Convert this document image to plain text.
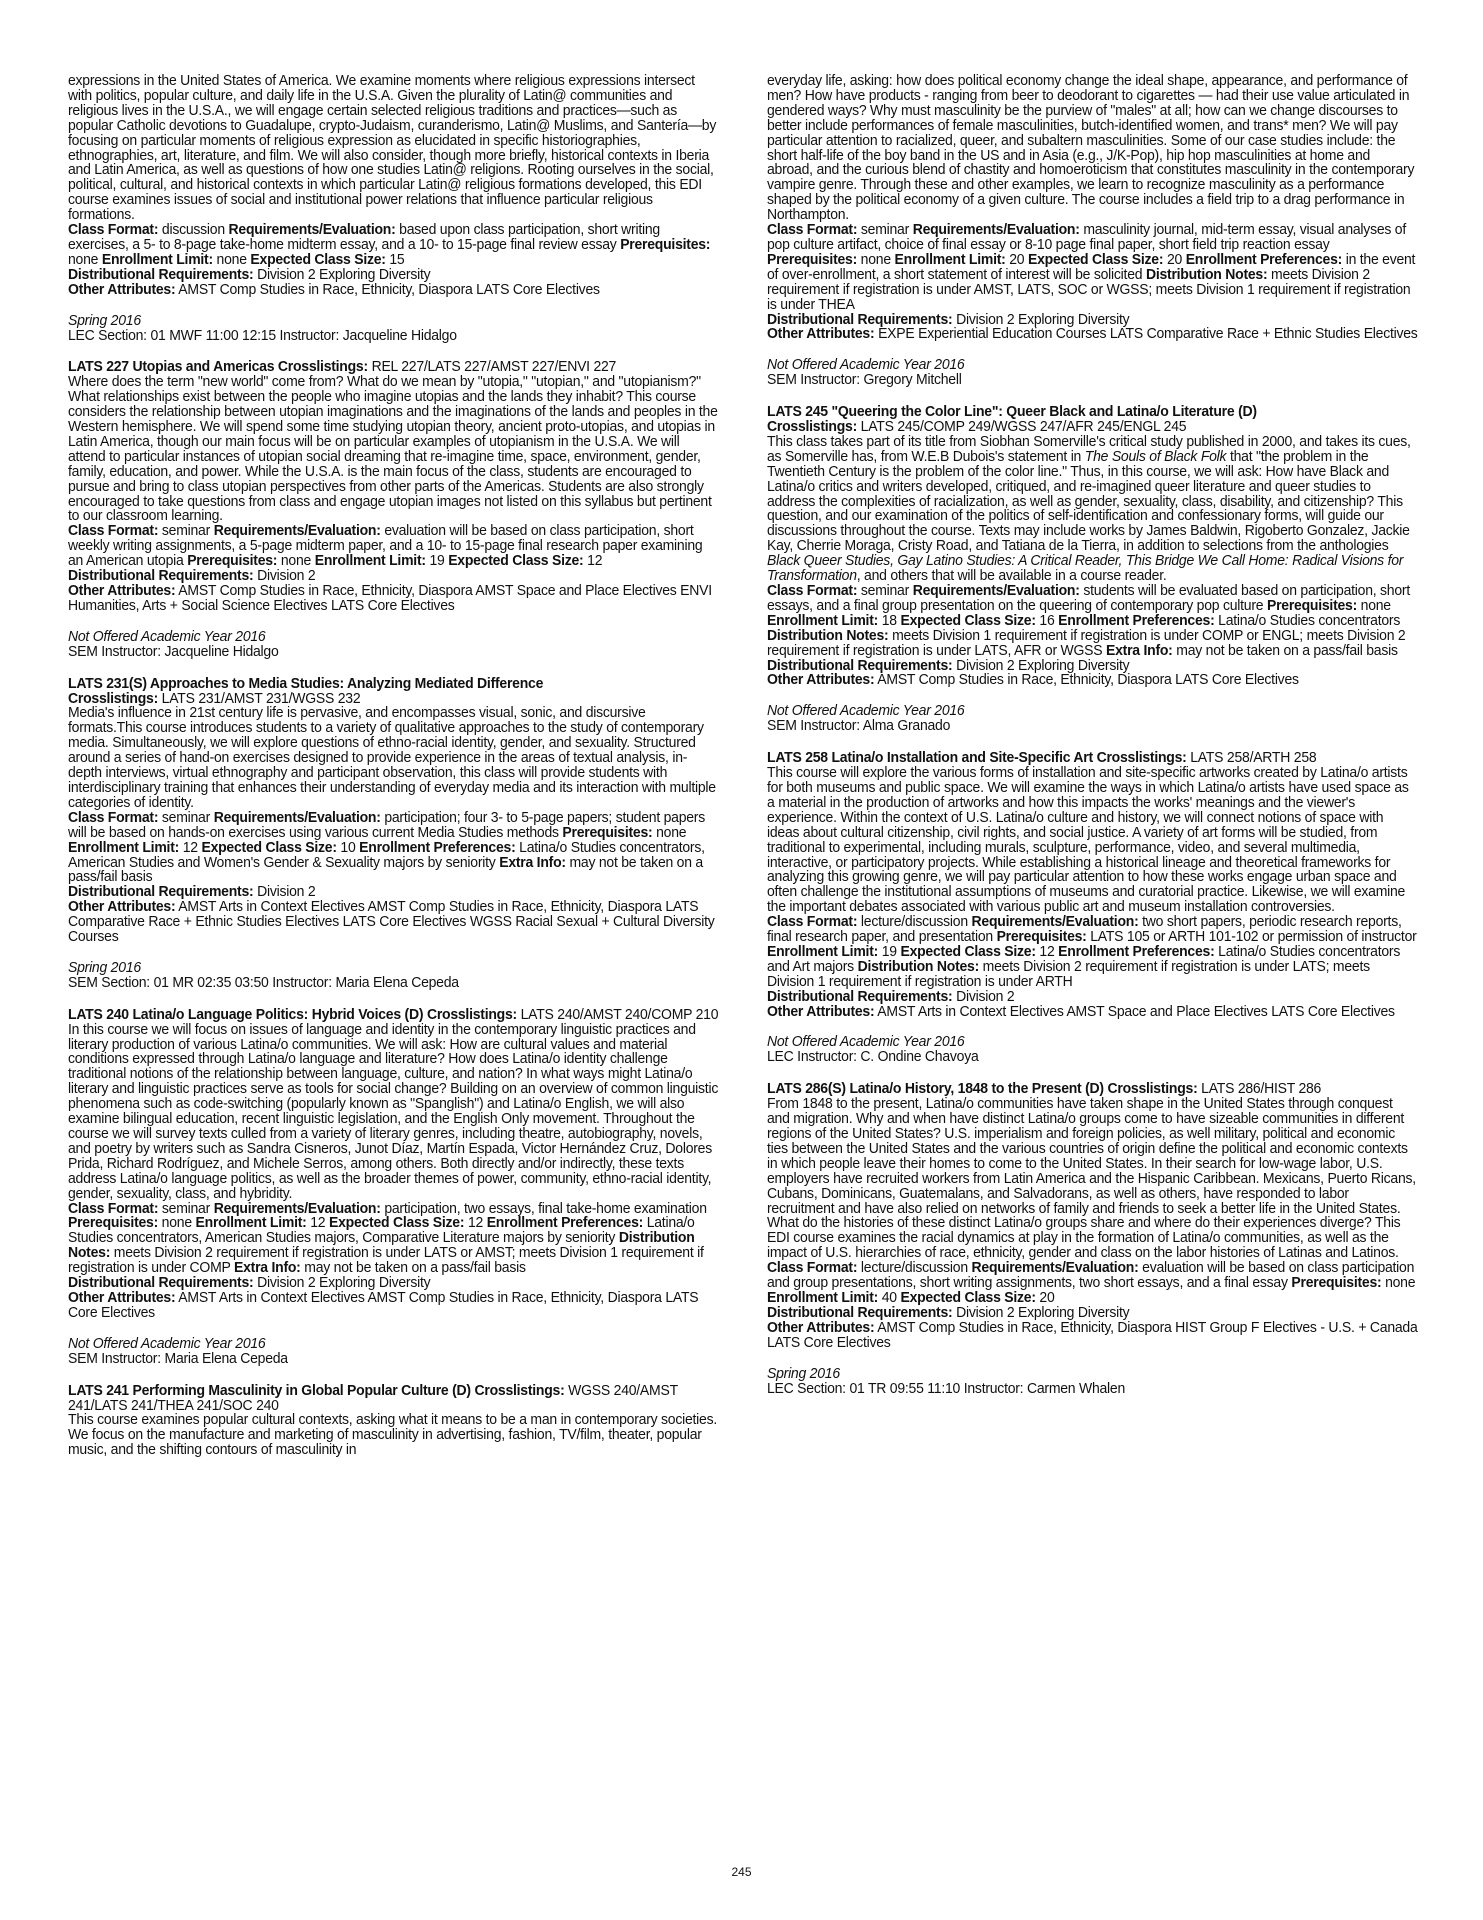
expressions in the United States of America. We examine moments where religious expressions intersect with politics, popular culture, and daily life in the U.S.A. Given the plurality of Latin@ communities and religious lives in the U.S.A., we will engage certain selected religious traditions and practices—such as popular Catholic devotions to Guadalupe, crypto-Judaism, curanderismo, Latin@ Muslims, and Santería—by focusing on particular moments of religious expression as elucidated in specific historiographies, ethnographies, art, literature, and film. We will also consider, though more briefly, historical contexts in Iberia and Latin America, as well as questions of how one studies Latin@ religions. Rooting ourselves in the social, political, cultural, and historical contexts in which particular Latin@ religious formations developed, this EDI course examines issues of social and institutional power relations that influence particular religious formations.

Class Format: discussion Requirements/Evaluation: based upon class participation, short writing exercises, a 5- to 8-page take-home midterm essay, and a 10- to 15-page final review essay Prerequisites: none Enrollment Limit: none Expected Class Size: 15

Distributional Requirements: Division 2 Exploring Diversity

Other Attributes: AMST Comp Studies in Race, Ethnicity, Diaspora LATS Core Electives

Spring 2016

LEC Section: 01 MWF 11:00 12:15 Instructor: Jacqueline Hidalgo

LATS 227 Utopias and Americas Crosslistings: REL 227/LATS 227/AMST 227/ENVI 227

Where does the term "new world" come from? What do we mean by "utopia," "utopian," and "utopianism?" What relationships exist between the people who imagine utopias and the lands they inhabit? This course considers the relationship between utopian imaginations and the imaginations of the lands and peoples in the Western hemisphere. We will spend some time studying utopian theory, ancient proto-utopias, and utopias in Latin America, though our main focus will be on particular examples of utopianism in the U.S.A. We will attend to particular instances of utopian social dreaming that re-imagine time, space, environment, gender, family, education, and power. While the U.S.A. is the main focus of the class, students are encouraged to pursue and bring to class utopian perspectives from other parts of the Americas. Students are also strongly encouraged to take questions from class and engage utopian images not listed on this syllabus but pertinent to our classroom learning.

Class Format: seminar Requirements/Evaluation: evaluation will be based on class participation, short weekly writing assignments, a 5-page midterm paper, and a 10- to 15-page final research paper examining an American utopia Prerequisites: none Enrollment Limit: 19 Expected Class Size: 12

Distributional Requirements: Division 2

Other Attributes: AMST Comp Studies in Race, Ethnicity, Diaspora AMST Space and Place Electives ENVI Humanities, Arts + Social Science Electives LATS Core Electives

Not Offered Academic Year 2016

SEM Instructor: Jacqueline Hidalgo

LATS 231(S) Approaches to Media Studies: Analyzing Mediated Difference

Crosslistings: LATS 231/AMST 231/WGSS 232

Media's influence in 21st century life is pervasive, and encompasses visual, sonic, and discursive formats.This course introduces students to a variety of qualitative approaches to the study of contemporary media. Simultaneously, we will explore questions of ethno-racial identity, gender, and sexuality. Structured around a series of hand-on exercises designed to provide experience in the areas of textual analysis, in-depth interviews, virtual ethnography and participant observation, this class will provide students with interdisciplinary training that enhances their understanding of everyday media and its interaction with multiple categories of identity.

Class Format: seminar Requirements/Evaluation: participation; four 3- to 5-page papers; student papers will be based on hands-on exercises using various current Media Studies methods Prerequisites: none Enrollment Limit: 12 Expected Class Size: 10 Enrollment Preferences: Latina/o Studies concentrators, American Studies and Women's Gender & Sexuality majors by seniority Extra Info: may not be taken on a pass/fail basis

Distributional Requirements: Division 2

Other Attributes: AMST Arts in Context Electives AMST Comp Studies in Race, Ethnicity, Diaspora LATS Comparative Race + Ethnic Studies Electives LATS Core Electives WGSS Racial Sexual + Cultural Diversity Courses

Spring 2016

SEM Section: 01 MR 02:35 03:50 Instructor: Maria Elena Cepeda

LATS 240 Latina/o Language Politics: Hybrid Voices (D) Crosslistings: LATS 240/AMST 240/COMP 210

In this course we will focus on issues of language and identity in the contemporary linguistic practices and literary production of various Latina/o communities. We will ask: How are cultural values and material conditions expressed through Latina/o language and literature? How does Latina/o identity challenge traditional notions of the relationship between language, culture, and nation? In what ways might Latina/o literary and linguistic practices serve as tools for social change? Building on an overview of common linguistic phenomena such as code-switching (popularly known as "Spanglish") and Latina/o English, we will also examine bilingual education, recent linguistic legislation, and the English Only movement. Throughout the course we will survey texts culled from a variety of literary genres, including theatre, autobiography, novels, and poetry by writers such as Sandra Cisneros, Junot Díaz, Martín Espada, Victor Hernández Cruz, Dolores Prida, Richard Rodríguez, and Michele Serros, among others. Both directly and/or indirectly, these texts address Latina/o language politics, as well as the broader themes of power, community, ethno-racial identity, gender, sexuality, class, and hybridity.

Class Format: seminar Requirements/Evaluation: participation, two essays, final take-home examination Prerequisites: none Enrollment Limit: 12 Expected Class Size: 12 Enrollment Preferences: Latina/o Studies concentrators, American Studies majors, Comparative Literature majors by seniority Distribution Notes: meets Division 2 requirement if registration is under LATS or AMST; meets Division 1 requirement if registration is under COMP Extra Info: may not be taken on a pass/fail basis

Distributional Requirements: Division 2 Exploring Diversity

Other Attributes: AMST Arts in Context Electives AMST Comp Studies in Race, Ethnicity, Diaspora LATS Core Electives

Not Offered Academic Year 2016

SEM Instructor: Maria Elena Cepeda

LATS 241 Performing Masculinity in Global Popular Culture (D) Crosslistings: WGSS 240/AMST 241/LATS 241/THEA 241/SOC 240

This course examines popular cultural contexts, asking what it means to be a man in contemporary societies. We focus on the manufacture and marketing of masculinity in advertising, fashion, TV/film, theater, popular music, and the shifting contours of masculinity in

everyday life, asking: how does political economy change the ideal shape, appearance, and performance of men? How have products - ranging from beer to deodorant to cigarettes — had their use value articulated in gendered ways? Why must masculinity be the purview of "males" at all; how can we change discourses to better include performances of female masculinities, butch-identified women, and trans* men? We will pay particular attention to racialized, queer, and subaltern masculinities. Some of our case studies include: the short half-life of the boy band in the US and in Asia (e.g., J/K-Pop), hip hop masculinities at home and abroad, and the curious blend of chastity and homoeroticism that constitutes masculinity in the contemporary vampire genre. Through these and other examples, we learn to recognize masculinity as a performance shaped by the political economy of a given culture. The course includes a field trip to a drag performance in Northampton.

Class Format: seminar Requirements/Evaluation: masculinity journal, mid-term essay, visual analyses of pop culture artifact, choice of final essay or 8-10 page final paper, short field trip reaction essay Prerequisites: none Enrollment Limit: 20 Expected Class Size: 20 Enrollment Preferences: in the event of over-enrollment, a short statement of interest will be solicited Distribution Notes: meets Division 2 requirement if registration is under AMST, LATS, SOC or WGSS; meets Division 1 requirement if registration is under THEA

Distributional Requirements: Division 2 Exploring Diversity

Other Attributes: EXPE Experiential Education Courses LATS Comparative Race + Ethnic Studies Electives

Not Offered Academic Year 2016

SEM Instructor: Gregory Mitchell

LATS 245 "Queering the Color Line": Queer Black and Latina/o Literature (D)

Crosslistings: LATS 245/COMP 249/WGSS 247/AFR 245/ENGL 245

This class takes part of its title from Siobhan Somerville's critical study published in 2000, and takes its cues, as Somerville has, from W.E.B Dubois's statement in The Souls of Black Folk that "the problem in the Twentieth Century is the problem of the color line." Thus, in this course, we will ask: How have Black and Latina/o critics and writers developed, critiqued, and re-imagined queer literature and queer studies to address the complexities of racialization, as well as gender, sexuality, class, disability, and citizenship? This question, and our examination of the politics of self-identification and confessionary forms, will guide our discussions throughout the course. Texts may include works by James Baldwin, Rigoberto Gonzalez, Jackie Kay, Cherrie Moraga, Cristy Road, and Tatiana de la Tierra, in addition to selections from the anthologies Black Queer Studies, Gay Latino Studies: A Critical Reader, This Bridge We Call Home: Radical Visions for Transformation, and others that will be available in a course reader.

Class Format: seminar Requirements/Evaluation: students will be evaluated based on participation, short essays, and a final group presentation on the queering of contemporary pop culture Prerequisites: none Enrollment Limit: 18 Expected Class Size: 16 Enrollment Preferences: Latina/o Studies concentrators Distribution Notes: meets Division 1 requirement if registration is under COMP or ENGL; meets Division 2 requirement if registration is under LATS, AFR or WGSS Extra Info: may not be taken on a pass/fail basis

Distributional Requirements: Division 2 Exploring Diversity

Other Attributes: AMST Comp Studies in Race, Ethnicity, Diaspora LATS Core Electives

Not Offered Academic Year 2016

SEM Instructor: Alma Granado

LATS 258 Latina/o Installation and Site-Specific Art Crosslistings: LATS 258/ARTH 258

This course will explore the various forms of installation and site-specific artworks created by Latina/o artists for both museums and public space. We will examine the ways in which Latina/o artists have used space as a material in the production of artworks and how this impacts the works' meanings and the viewer's experience. Within the context of U.S. Latina/o culture and history, we will connect notions of space with ideas about cultural citizenship, civil rights, and social justice. A variety of art forms will be studied, from traditional to experimental, including murals, sculpture, performance, video, and several multimedia, interactive, or participatory projects. While establishing a historical lineage and theoretical frameworks for analyzing this growing genre, we will pay particular attention to how these works engage urban space and often challenge the institutional assumptions of museums and curatorial practice. Likewise, we will examine the important debates associated with various public art and museum installation controversies.

Class Format: lecture/discussion Requirements/Evaluation: two short papers, periodic research reports, final research paper, and presentation Prerequisites: LATS 105 or ARTH 101-102 or permission of instructor Enrollment Limit: 19 Expected Class Size: 12 Enrollment Preferences: Latina/o Studies concentrators and Art majors Distribution Notes: meets Division 2 requirement if registration is under LATS; meets Division 1 requirement if registration is under ARTH

Distributional Requirements: Division 2

Other Attributes: AMST Arts in Context Electives AMST Space and Place Electives LATS Core Electives

Not Offered Academic Year 2016

LEC Instructor: C. Ondine Chavoya

LATS 286(S) Latina/o History, 1848 to the Present (D) Crosslistings: LATS 286/HIST 286

From 1848 to the present, Latina/o communities have taken shape in the United States through conquest and migration. Why and when have distinct Latina/o groups come to have sizeable communities in different regions of the United States? U.S. imperialism and foreign policies, as well military, political and economic ties between the United States and the various countries of origin define the political and economic contexts in which people leave their homes to come to the United States. In their search for low-wage labor, U.S. employers have recruited workers from Latin America and the Hispanic Caribbean. Mexicans, Puerto Ricans, Cubans, Dominicans, Guatemalans, and Salvadorans, as well as others, have responded to labor recruitment and have also relied on networks of family and friends to seek a better life in the United States. What do the histories of these distinct Latina/o groups share and where do their experiences diverge? This EDI course examines the racial dynamics at play in the formation of Latina/o communities, as well as the impact of U.S. hierarchies of race, ethnicity, gender and class on the labor histories of Latinas and Latinos.

Class Format: lecture/discussion Requirements/Evaluation: evaluation will be based on class participation and group presentations, short writing assignments, two short essays, and a final essay Prerequisites: none Enrollment Limit: 40 Expected Class Size: 20

Distributional Requirements: Division 2 Exploring Diversity

Other Attributes: AMST Comp Studies in Race, Ethnicity, Diaspora HIST Group F Electives - U.S. + Canada LATS Core Electives

Spring 2016

LEC Section: 01 TR 09:55 11:10 Instructor: Carmen Whalen

245
